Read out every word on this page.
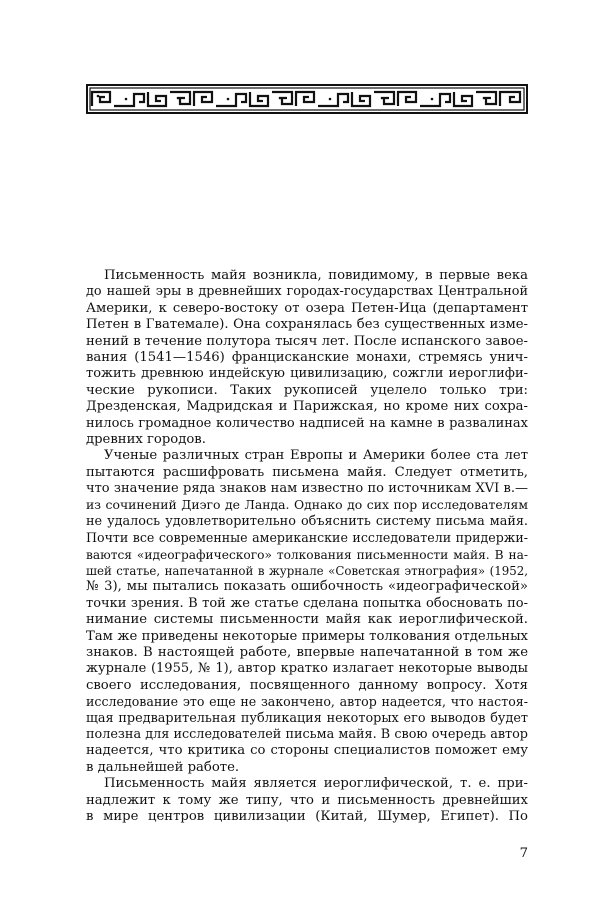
Письменность майя возникла, повидимому, в первые века
до нашей эры в древнейших городах-государствах Центральной
Америки, к северо-востоку от озера Петен-Ица (департамент
Петен в Гватемале). Она сохранялась без существенных изме-
нений в течение полутора тысяч лет. После испанского завое-
вания (1541—1546) францисканские монахи, стремясь унич-
тожить древнюю индейскую цивилизацию, сожгли иероглифи-
ческие рукописи. Таких рукописей уцелело только три:
Дрезденская, Мадридская и Парижская, но кроме них сохра-
нилось громадное количество надписей на камне в развалинах
древних городов.
Ученые различных стран Европы и Америки более ста лет
пытаются расшифровать письмена майя. Следует отметить,
что значение ряда знаков нам известно по источникам XVI в.—
из сочинений Диэго де Ланда. Однако до сих пор исследователям
не удалось удовлетворительно объяснить систему письма майя.
Почти все современные американские исследователи придержи-
ваются «идеографического» толкования письменности майя. В на-
шей статье, напечатанной в журнале «Советская этнография» (1952,
№ 3), мы пытались показать ошибочность «идеографической»
точки зрения. В той же статье сделана попытка обосновать по-
нимание системы письменности майя как иероглифической.
Там же приведены некоторые примеры толкования отдельных
знаков. В настоящей работе, впервые напечатанной в том же
журнале (1955, № 1), автор кратко излагает некоторые выводы
своего исследования, посвященного данному вопросу. Хотя
исследование это еще не закончено, автор надеется, что настоя-
щая предварительная публикация некоторых его выводов будет
полезна для исследователей письма майя. В свою очередь автор
надеется, что критика со стороны специалистов поможет ему
в дальнейшей работе.
Письменность майя является иероглифической, т. е. при-
надлежит к тому же типу, что и письменность древнейших
в мире центров цивилизации (Китай, Шумер, Египет). По
7
